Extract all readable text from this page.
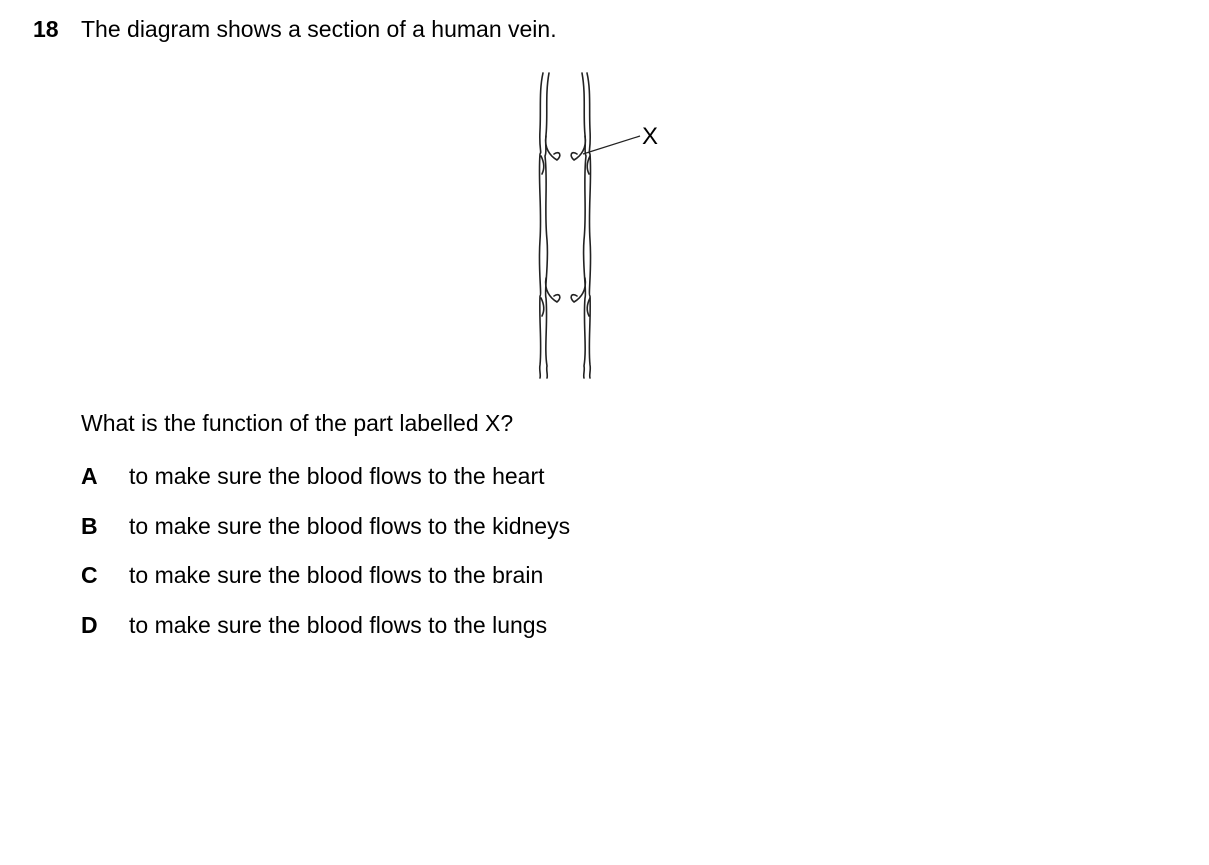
18 The diagram shows a section of a human vein.
X
What is the function of the part labelled X?
A to make sure the blood flows to the heart
B to make sure the blood flows to the kidneys
C to make sure the blood flows to the brain
D to make sure the blood flows to the lungs
